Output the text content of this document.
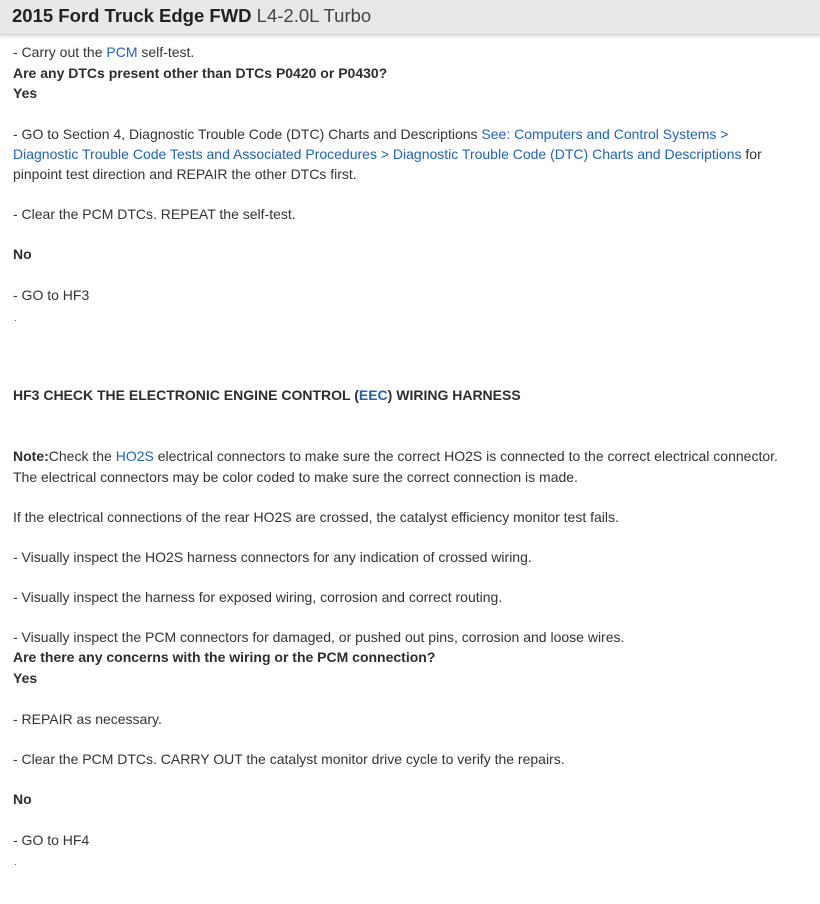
2015 Ford Truck Edge FWD L4-2.0L Turbo
- Carry out the PCM self-test.
Are any DTCs present other than DTCs P0420 or P0430?
Yes
- GO to Section 4, Diagnostic Trouble Code (DTC) Charts and Descriptions See: Computers and Control Systems >
Diagnostic Trouble Code Tests and Associated Procedures > Diagnostic Trouble Code (DTC) Charts and Descriptions for
pinpoint test direction and REPAIR the other DTCs first.
- Clear the PCM DTCs. REPEAT the self-test.
No
- GO to HF3
.
HF3 CHECK THE ELECTRONIC ENGINE CONTROL (EEC) WIRING HARNESS
Note:Check the HO2S electrical connectors to make sure the correct HO2S is connected to the correct electrical connector.
The electrical connectors may be color coded to make sure the correct connection is made.
If the electrical connections of the rear HO2S are crossed, the catalyst efficiency monitor test fails.
- Visually inspect the HO2S harness connectors for any indication of crossed wiring.
- Visually inspect the harness for exposed wiring, corrosion and correct routing.
- Visually inspect the PCM connectors for damaged, or pushed out pins, corrosion and loose wires.
Are there any concerns with the wiring or the PCM connection?
Yes
- REPAIR as necessary.
- Clear the PCM DTCs. CARRY OUT the catalyst monitor drive cycle to verify the repairs.
No
- GO to HF4
.
